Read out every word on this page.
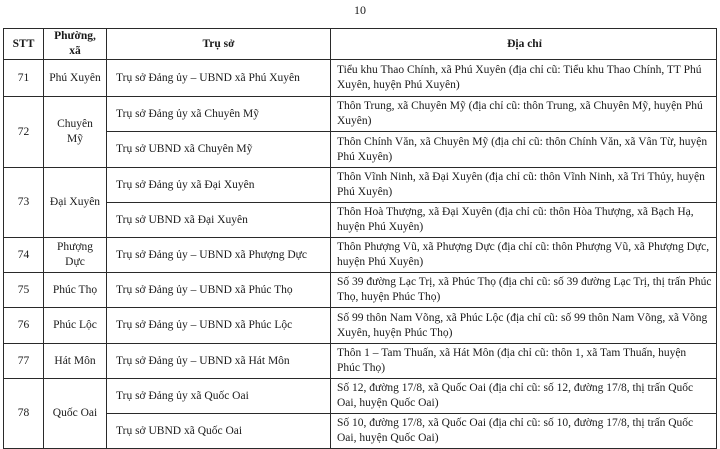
10
STT	Phường, xã	Trụ sở	Địa chỉ
71	Phú Xuyên	Trụ sở Đảng ủy – UBND xã Phú Xuyên	Tiểu khu Thao Chính, xã Phú Xuyên (địa chỉ cũ: Tiểu khu Thao Chính, TT Phú Xuyên, huyện Phú Xuyên)
72	Chuyên Mỹ	Trụ sở Đảng ủy xã Chuyên Mỹ	Thôn Trung, xã Chuyên Mỹ (địa chỉ cũ: thôn Trung, xã Chuyên Mỹ, huyện Phú Xuyên)
		Trụ sở UBND xã Chuyên Mỹ	Thôn Chính Văn, xã Chuyên Mỹ (địa chỉ cũ: thôn Chính Văn, xã Vân Từ, huyện Phú Xuyên)
73	Đại Xuyên	Trụ sở Đảng ủy xã Đại Xuyên	Thôn Vĩnh Ninh, xã Đại Xuyên (địa chỉ cũ: thôn Vĩnh Ninh, xã Tri Thủy, huyện Phú Xuyên)
		Trụ sở UBND xã Đại Xuyên	Thôn Hoà Thượng, xã Đại Xuyên (địa chỉ cũ: thôn Hòa Thượng, xã Bạch Hạ, huyện Phú Xuyên)
74	Phượng Dực	Trụ sở Đảng ủy – UBND xã Phượng Dực	Thôn Phượng Vũ, xã Phượng Dực (địa chỉ cũ: thôn Phượng Vũ, xã Phượng Dực, huyện Phú Xuyên)
75	Phúc Thọ	Trụ sở Đảng ủy – UBND xã Phúc Thọ	Số 39 đường Lạc Trị, xã Phúc Thọ (địa chỉ cũ: số 39 đường Lạc Trị, thị trấn Phúc Thọ, huyện Phúc Thọ)
76	Phúc Lộc	Trụ sở Đảng ủy – UBND xã Phúc Lộc	Số 99 thôn Nam Võng, xã Phúc Lộc (địa chỉ cũ: số 99 thôn Nam Võng, xã Võng Xuyên, huyện Phúc Thọ)
77	Hát Môn	Trụ sở Đảng ủy – UBND xã Hát Môn	Thôn 1 – Tam Thuấn, xã Hát Môn (địa chỉ cũ: thôn 1, xã Tam Thuấn, huyện Phúc Thọ)
78	Quốc Oai	Trụ sở Đảng ủy xã Quốc Oai	Số 12, đường 17/8, xã Quốc Oai (địa chỉ cũ: số 12, đường 17/8, thị trấn Quốc Oai, huyện Quốc Oai)
		Trụ sở UBND xã Quốc Oai	Số 10, đường 17/8, xã Quốc Oai (địa chỉ cũ: số 10, đường 17/8, thị trấn Quốc Oai, huyện Quốc Oai)
